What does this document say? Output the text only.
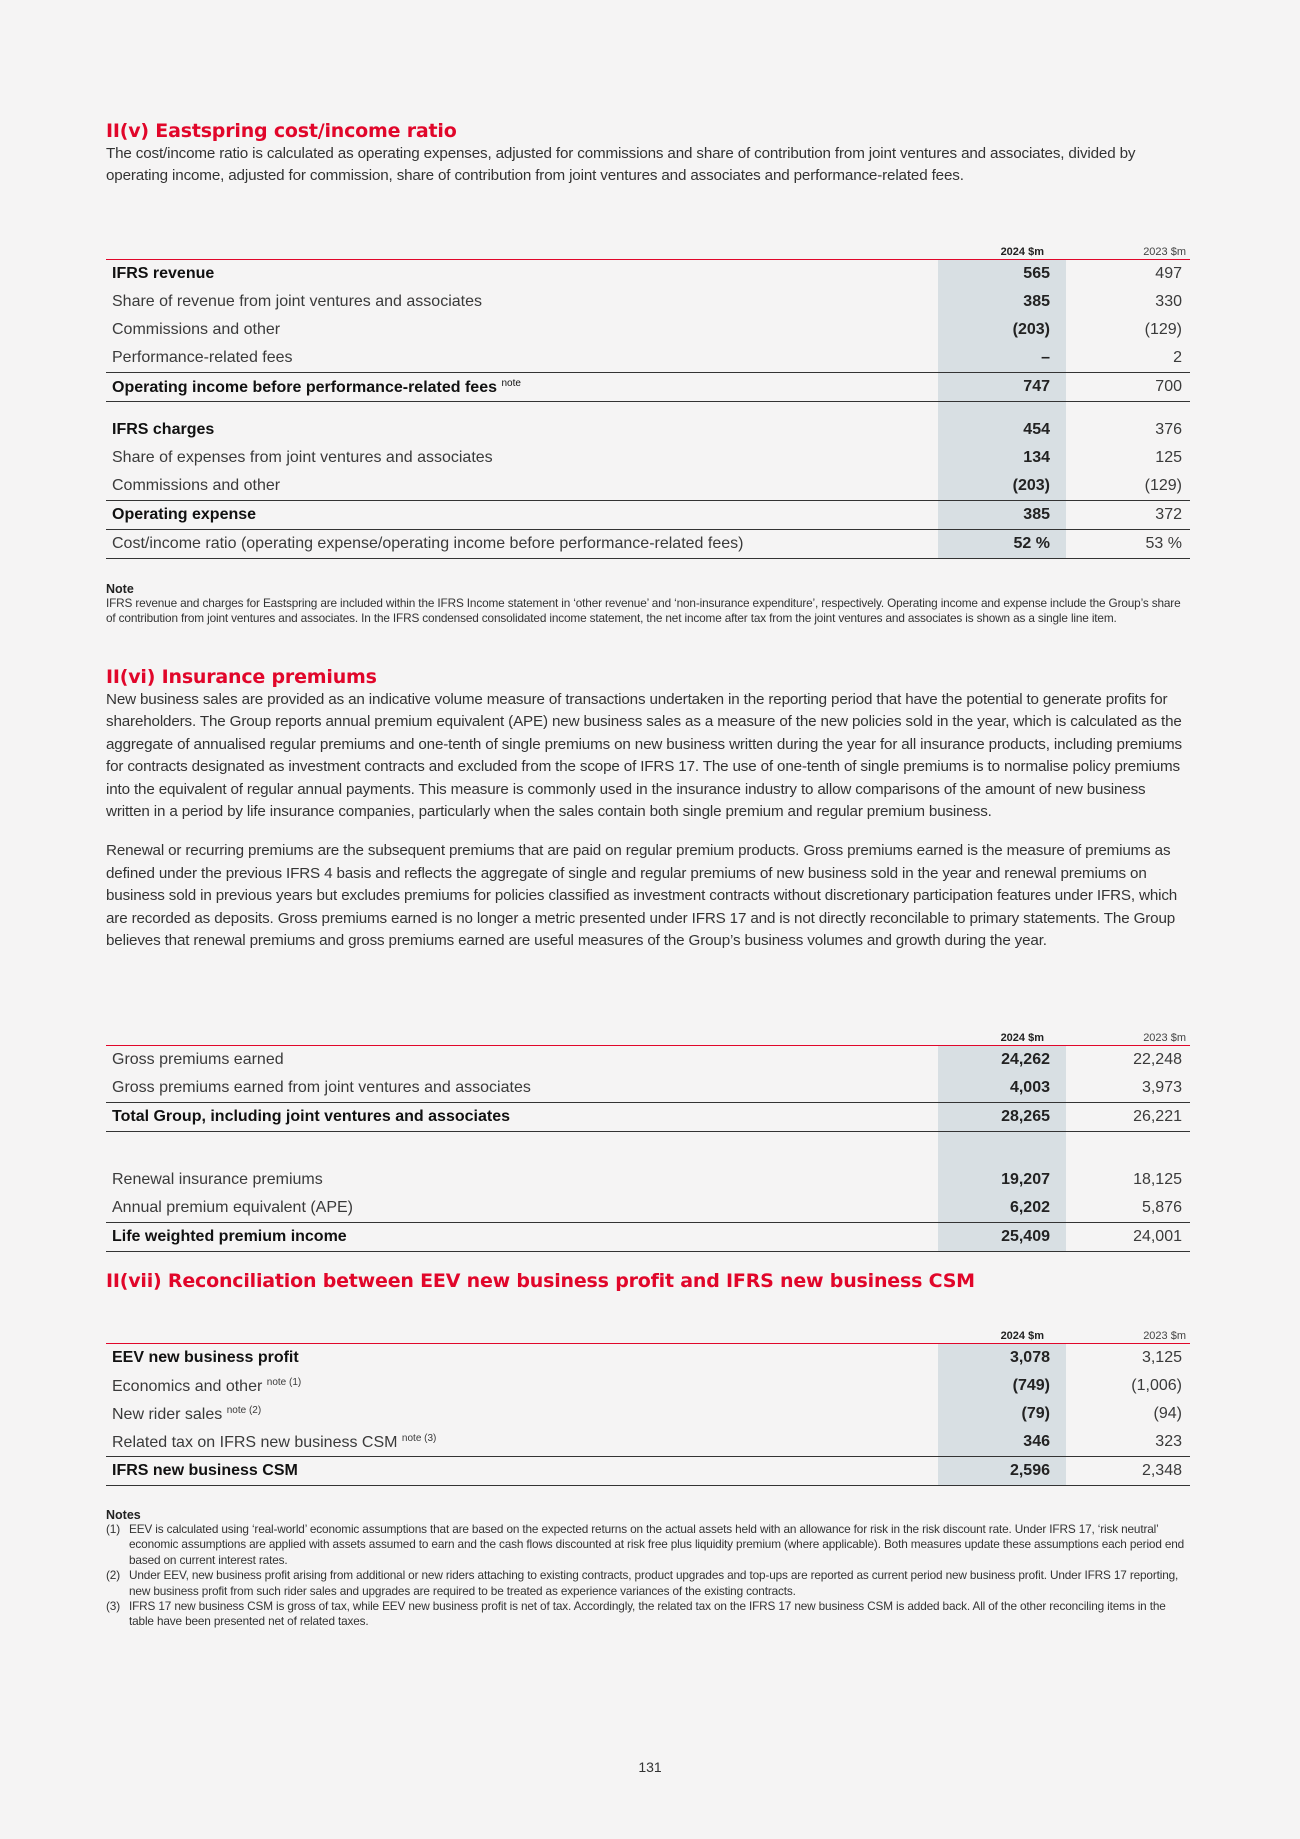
II(v) Eastspring cost/income ratio

The cost/income ratio is calculated as operating expenses, adjusted for commissions and share of contribution from joint ventures and associates, divided by operating income, adjusted for commission, share of contribution from joint ventures and associates and performance-related fees.

	2024 $m	2023 $m
IFRS revenue	565	497
Share of revenue from joint ventures and associates	385	330
Commissions and other	(203)	(129)
Performance-related fees	–	2
Operating income before performance-related fees $^{note}$	747	700

IFRS charges	454	376
Share of expenses from joint ventures and associates	134	125
Commissions and other	(203)	(129)
Operating expense	385	372
Cost/income ratio (operating expense/operating income before performance-related fees)	52 %	53 %

Note

IFRS revenue and charges for Eastspring are included within the IFRS Income statement in ‘other revenue’ and ‘non-insurance expenditure’, respectively. Operating income and expense include the Group’s share of contribution from joint ventures and associates. In the IFRS condensed consolidated income statement, the net income after tax from the joint ventures and associates is shown as a single line item.

II(vi) Insurance premiums

New business sales are provided as an indicative volume measure of transactions undertaken in the reporting period that have the potential to generate profits for shareholders. The Group reports annual premium equivalent (APE) new business sales as a measure of the new policies sold in the year, which is calculated as the aggregate of annualised regular premiums and one-tenth of single premiums on new business written during the year for all insurance products, including premiums for contracts designated as investment contracts and excluded from the scope of IFRS 17. The use of one-tenth of single premiums is to normalise policy premiums into the equivalent of regular annual payments. This measure is commonly used in the insurance industry to allow comparisons of the amount of new business written in a period by life insurance companies, particularly when the sales contain both single premium and regular premium business.

Renewal or recurring premiums are the subsequent premiums that are paid on regular premium products. Gross premiums earned is the measure of premiums as defined under the previous IFRS 4 basis and reflects the aggregate of single and regular premiums of new business sold in the year and renewal premiums on business sold in previous years but excludes premiums for policies classified as investment contracts without discretionary participation features under IFRS, which are recorded as deposits. Gross premiums earned is no longer a metric presented under IFRS 17 and is not directly reconcilable to primary statements. The Group believes that renewal premiums and gross premiums earned are useful measures of the Group’s business volumes and growth during the year.

	2024 $m	2023 $m
Gross premiums earned	24,262	22,248
Gross premiums earned from joint ventures and associates	4,003	3,973
Total Group, including joint ventures and associates	28,265	26,221

Renewal insurance premiums	19,207	18,125
Annual premium equivalent (APE)	6,202	5,876
Life weighted premium income	25,409	24,001
II(vii) Reconciliation between EEV new business profit and IFRS new business CSM
	2024 $m	2023 $m
EEV new business profit	3,078	3,125
Economics and other $^{note (1)}$	(749)	(1,006)
New rider sales $^{note (2)}$	(79)	(94)
Related tax on IFRS new business CSM $^{note (3)}$	346	323
IFRS new business CSM	2,596	2,348

Notes

(1) EEV is calculated using ‘real-world’ economic assumptions that are based on the expected returns on the actual assets held with an allowance for risk in the risk discount rate. Under IFRS 17, ‘risk neutral’ economic assumptions are applied with assets assumed to earn and the cash flows discounted at risk free plus liquidity premium (where applicable). Both measures update these assumptions each period end based on current interest rates.
(2) Under EEV, new business profit arising from additional or new riders attaching to existing contracts, product upgrades and top-ups are reported as current period new business profit. Under IFRS 17 reporting, new business profit from such rider sales and upgrades are required to be treated as experience variances of the existing contracts.
(3) IFRS 17 new business CSM is gross of tax, while EEV new business profit is net of tax. Accordingly, the related tax on the IFRS 17 new business CSM is added back. All of the other reconciling items in the table have been presented net of related taxes.
131
